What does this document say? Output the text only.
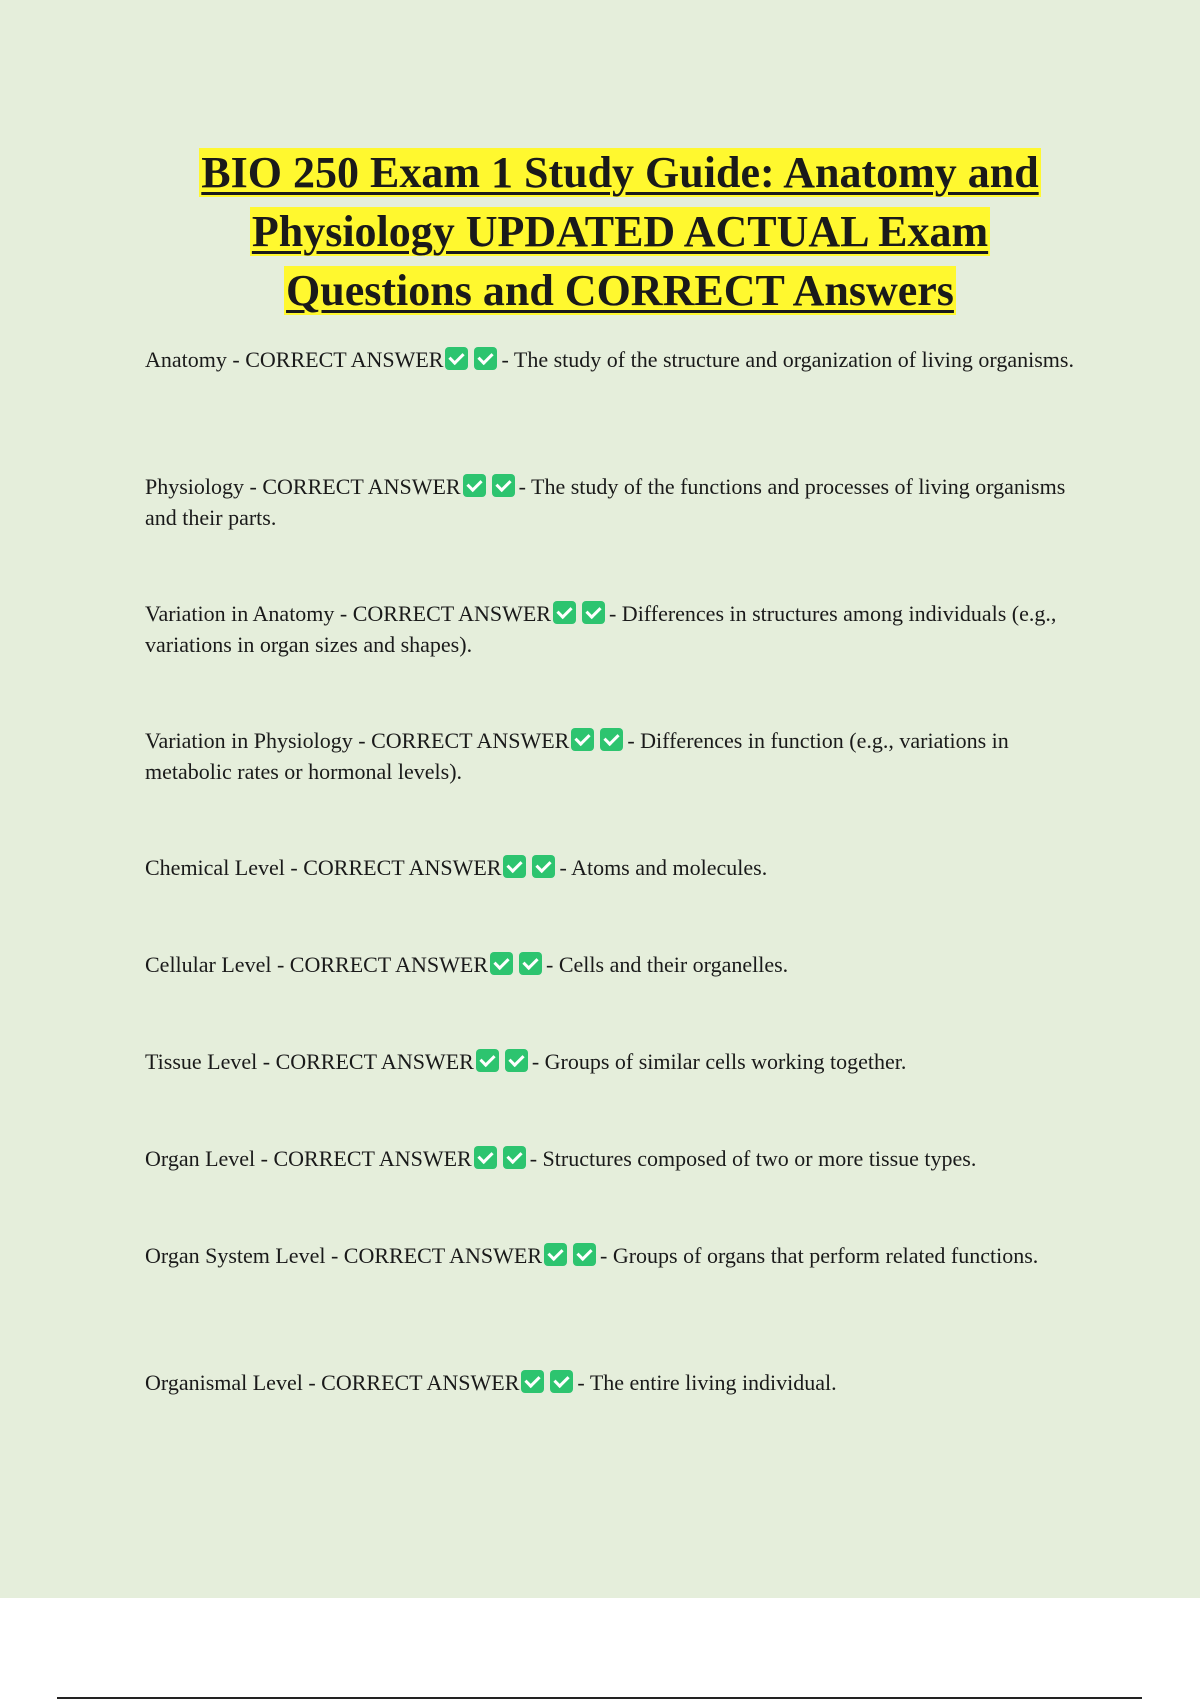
BIO 250 Exam 1 Study Guide: Anatomy and
Physiology UPDATED ACTUAL Exam
Questions and CORRECT Answers
Anatomy - CORRECT ANSWER	- The study of the structure and organization of living organisms.
Physiology - CORRECT ANSWER	- The study of the functions and processes of living organisms and their parts.
Variation in Anatomy - CORRECT ANSWER	- Differences in structures among individuals (e.g., variations in organ sizes and shapes).
Variation in Physiology - CORRECT ANSWER	- Differences in function (e.g., variations in metabolic rates or hormonal levels).
Chemical Level - CORRECT ANSWER	- Atoms and molecules.
Cellular Level - CORRECT ANSWER	- Cells and their organelles.
Tissue Level - CORRECT ANSWER	- Groups of similar cells working together.
Organ Level - CORRECT ANSWER	- Structures composed of two or more tissue types.
Organ System Level - CORRECT ANSWER	- Groups of organs that perform related functions.
Organismal Level - CORRECT ANSWER	- The entire living individual.
